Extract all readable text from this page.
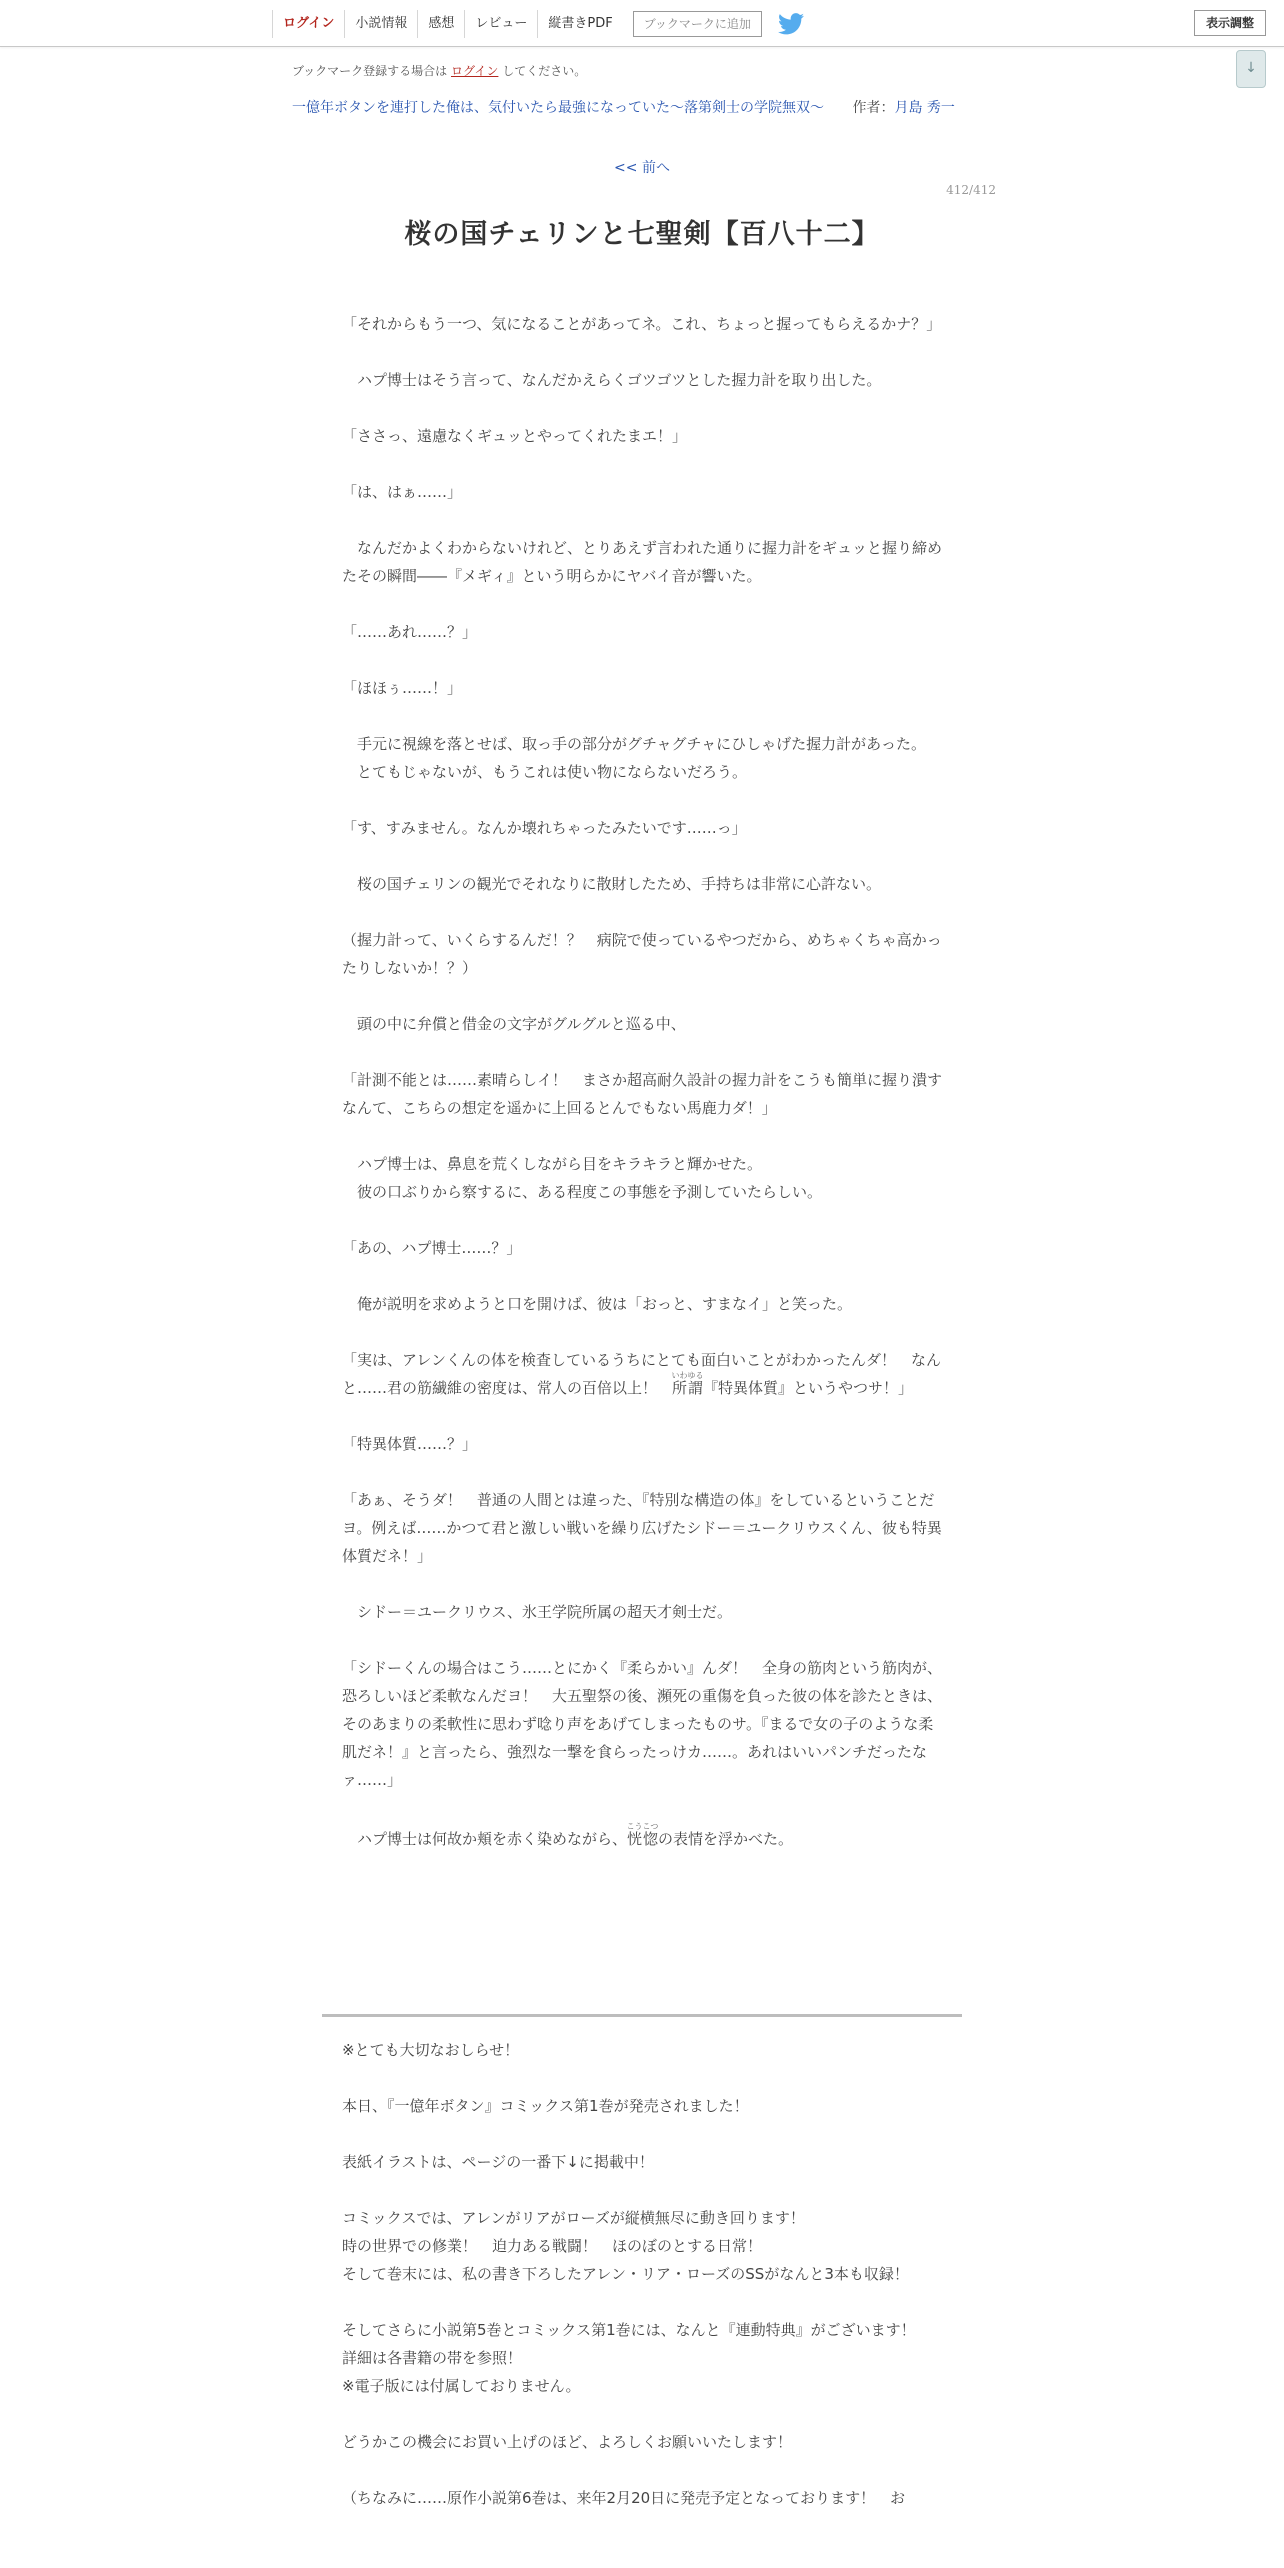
ログイン	小説情報	感想	レビュー	縦書きPDF	ブックマークに追加	表示調整
↓
ブックマーク登録する場合は ログイン してください。
一億年ボタンを連打した俺は、気付いたら最強になっていた～落第剣士の学院無双～ 作者：月島 秀一
<< 前へ
412/412
桜の国チェリンと七聖剣【百八十二】

「それからもう一つ、気になることがあってネ。これ、ちょっと握ってもらえるかナ？」

　ハプ博士はそう言って、なんだかえらくゴツゴツとした握力計を取り出した。

「ささっ、遠慮なくギュッとやってくれたまエ！」

「は、はぁ……」

　なんだかよくわからないけれど、とりあえず言われた通りに握力計をギュッと握り締めたその瞬間――『メギィ』という明らかにヤバイ音が響いた。

「……あれ……？」

「ほほぅ……！」

　手元に視線を落とせば、取っ手の部分がグチャグチャにひしゃげた握力計があった。

　とてもじゃないが、もうこれは使い物にならないだろう。

「す、すみません。なんか壊れちゃったみたいです……っ」

　桜の国チェリンの観光でそれなりに散財したため、手持ちは非常に心許ない。

（握力計って、いくらするんだ！？　病院で使っているやつだから、めちゃくちゃ高かったりしないか！？）

　頭の中に弁償と借金の文字がグルグルと巡る中、

「計測不能とは……素晴らしイ！　まさか超高耐久設計の握力計をこうも簡単に握り潰すなんて、こちらの想定を遥かに上回るとんでもない馬鹿力ダ！」

　ハプ博士は、鼻息を荒くしながら目をキラキラと輝かせた。

　彼の口ぶりから察するに、ある程度この事態を予測していたらしい。

「あの、ハプ博士……？」

　俺が説明を求めようと口を開けば、彼は「おっと、すまなイ」と笑った。

「実は、アレンくんの体を検査しているうちにとても面白いことがわかったんダ！　なんと……君の筋繊維の密度は、常人の百倍以上！　所謂いわゆる『特異体質』というやつサ！」

「特異体質……？」

「あぁ、そうダ！　普通の人間とは違った、『特別な構造の体』をしているということだヨ。例えば……かつて君と激しい戦いを繰り広げたシドー＝ユークリウスくん、彼も特異体質だネ！」

　シドー＝ユークリウス、氷王学院所属の超天才剣士だ。

「シドーくんの場合はこう……とにかく『柔らかい』んダ！　全身の筋肉という筋肉が、恐ろしいほど柔軟なんだヨ！　大五聖祭の後、瀕死の重傷を負った彼の体を診たときは、そのあまりの柔軟性に思わず唸り声をあげてしまったものサ。『まるで女の子のような柔肌だネ！』と言ったら、強烈な一撃を食らったっけカ……。あれはいいパンチだったなァ……」

　ハプ博士は何故か頬を赤く染めながら、恍惚こうこつの表情を浮かべた。

※とても大切なおしらせ！

本日、『一億年ボタン』コミックス第1巻が発売されました！

表紙イラストは、ページの一番下↓に掲載中！

コミックスでは、アレンがリアがローズが縦横無尽に動き回ります！

時の世界での修業！　迫力ある戦闘！　ほのぼのとする日常！

そして巻末には、私の書き下ろしたアレン・リア・ローズのSSがなんと3本も収録！

そしてさらに小説第5巻とコミックス第1巻には、なんと『連動特典』がございます！

詳細は各書籍の帯を参照！

※電子版には付属しておりません。

どうかこの機会にお買い上げのほど、よろしくお願いいたします！

（ちなみに……原作小説第6巻は、来年2月20日に発売予定となっております！　お
